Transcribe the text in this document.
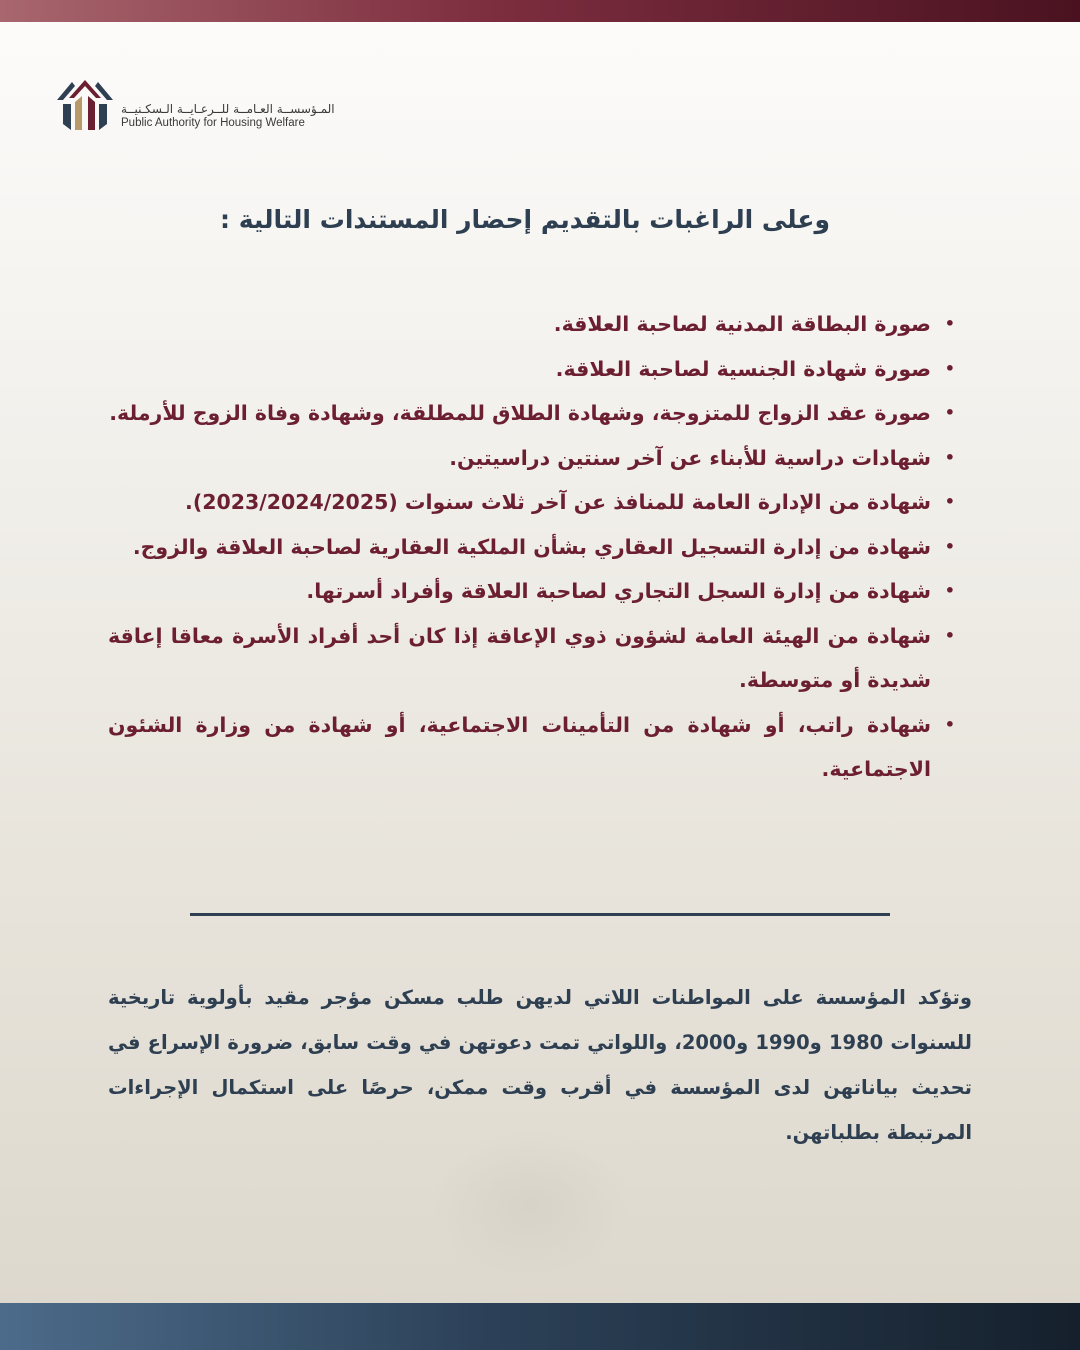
المـؤسســة العـامــة للــرعـايــة الـسكـنيــة
Public Authority for Housing Welfare
وعلى الراغبات بالتقديم إحضار المستندات التالية :
• صورة البطاقة المدنية لصاحبة العلاقة.
• صورة شهادة الجنسية لصاحبة العلاقة.
• صورة عقد الزواج للمتزوجة، وشهادة الطلاق للمطلقة، وشهادة وفاة الزوج للأرملة.
• شهادات دراسية للأبناء عن آخر سنتين دراسيتين.
• شهادة من الإدارة العامة للمنافذ عن آخر ثلاث سنوات (2023/2024/2025).
• شهادة من إدارة التسجيل العقاري بشأن الملكية العقارية لصاحبة العلاقة والزوج.
• شهادة من إدارة السجل التجاري لصاحبة العلاقة وأفراد أسرتها.
• شهادة من الهيئة العامة لشؤون ذوي الإعاقة إذا كان أحد أفراد الأسرة معاقا إعاقة شديدة أو متوسطة.
• شهادة راتب، أو شهادة من التأمينات الاجتماعية، أو شهادة من وزارة الشئون الاجتماعية.

وتؤكد المؤسسة على المواطنات اللاتي لديهن طلب مسكن مؤجر مقيد بأولوية تاريخية للسنوات 1980 و1990 و2000، واللواتي تمت دعوتهن في وقت سابق، ضرورة الإسراع في تحديث بياناتهن لدى المؤسسة في أقرب وقت ممكن، حرصًا على استكمال الإجراءات المرتبطة بطلباتهن.
